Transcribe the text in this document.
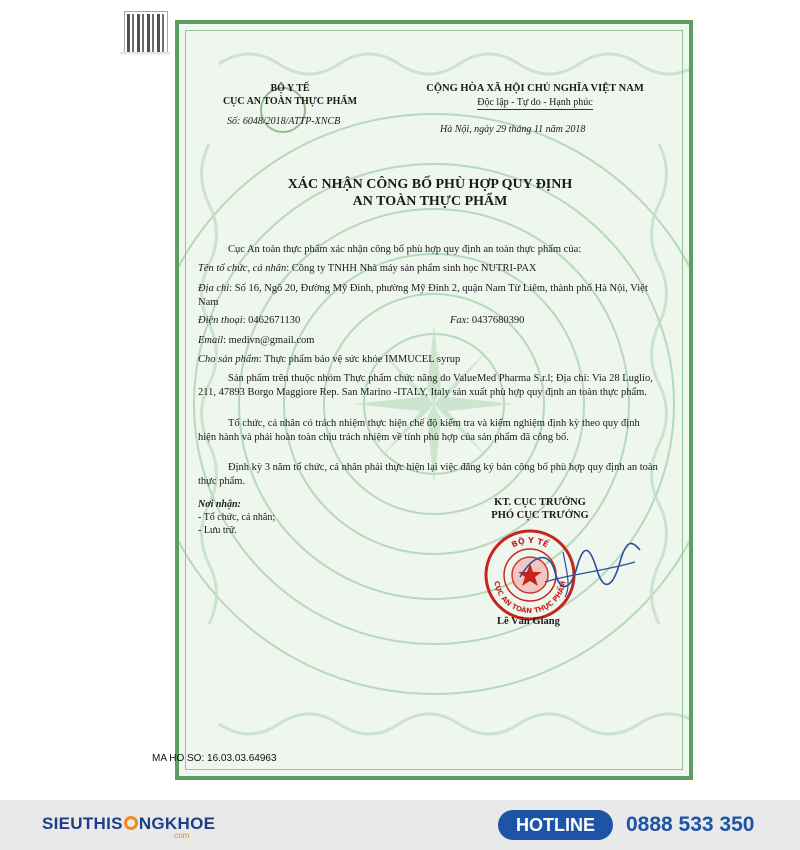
BỘ Y TẾ
CỤC AN TOÀN THỰC PHẨM
Số: 6048/2018/ATTP-XNCB
CỘNG HÒA XÃ HỘI CHỦ NGHĨA VIỆT NAM
Độc lập - Tự do - Hạnh phúc
Hà Nội, ngày 29 tháng 11 năm 2018
XÁC NHẬN CÔNG BỐ PHÙ HỢP QUY ĐỊNH
AN TOÀN THỰC PHẨM
Cục An toàn thực phẩm xác nhận công bố phù hợp quy định an toàn thực phẩm của:
Tên tổ chức, cá nhân: Công ty TNHH Nhà máy sản phẩm sinh học NUTRI-PAX
Địa chỉ: Số 16, Ngõ 20, Đường Mỹ Đình, phường Mỹ Đình 2, quận Nam Từ Liêm, thành phố Hà Nội, Việt Nam
Điện thoại: 0462671130	Fax: 0437680390
Email: medivn@gmail.com
Cho sản phẩm: Thực phẩm bảo vệ sức khỏe IMMUCEL syrup
Sản phẩm trên thuộc nhóm Thực phẩm chức năng do ValueMed Pharma S.r.l; Địa chỉ: Via 28 Luglio, 211, 47893 Borgo Maggiore Rep. San Marino -ITALY, Italy sản xuất phù hợp quy định an toàn thực phẩm.
Tổ chức, cá nhân có trách nhiệm thực hiện chế độ kiểm tra và kiểm nghiệm định kỳ theo quy định hiện hành và phải hoàn toàn chịu trách nhiệm về tính phù hợp của sản phẩm đã công bố.
Định kỳ 3 năm tổ chức, cá nhân phải thực hiện lại việc đăng ký bản công bố phù hợp quy định an toàn thực phẩm.
Nơi nhận:
- Tổ chức, cá nhân;
- Lưu trữ.
KT. CỤC TRƯỞNG
PHÓ CỤC TRƯỞNG
BỘ Y TẾ
CỤC AN TOÀN THỰC PHẨM
Lê Văn Giang
MA HO SO: 16.03.03.64963
SIEUTHIS NGKHOE
.com
HOTLINE	0888 533 350
